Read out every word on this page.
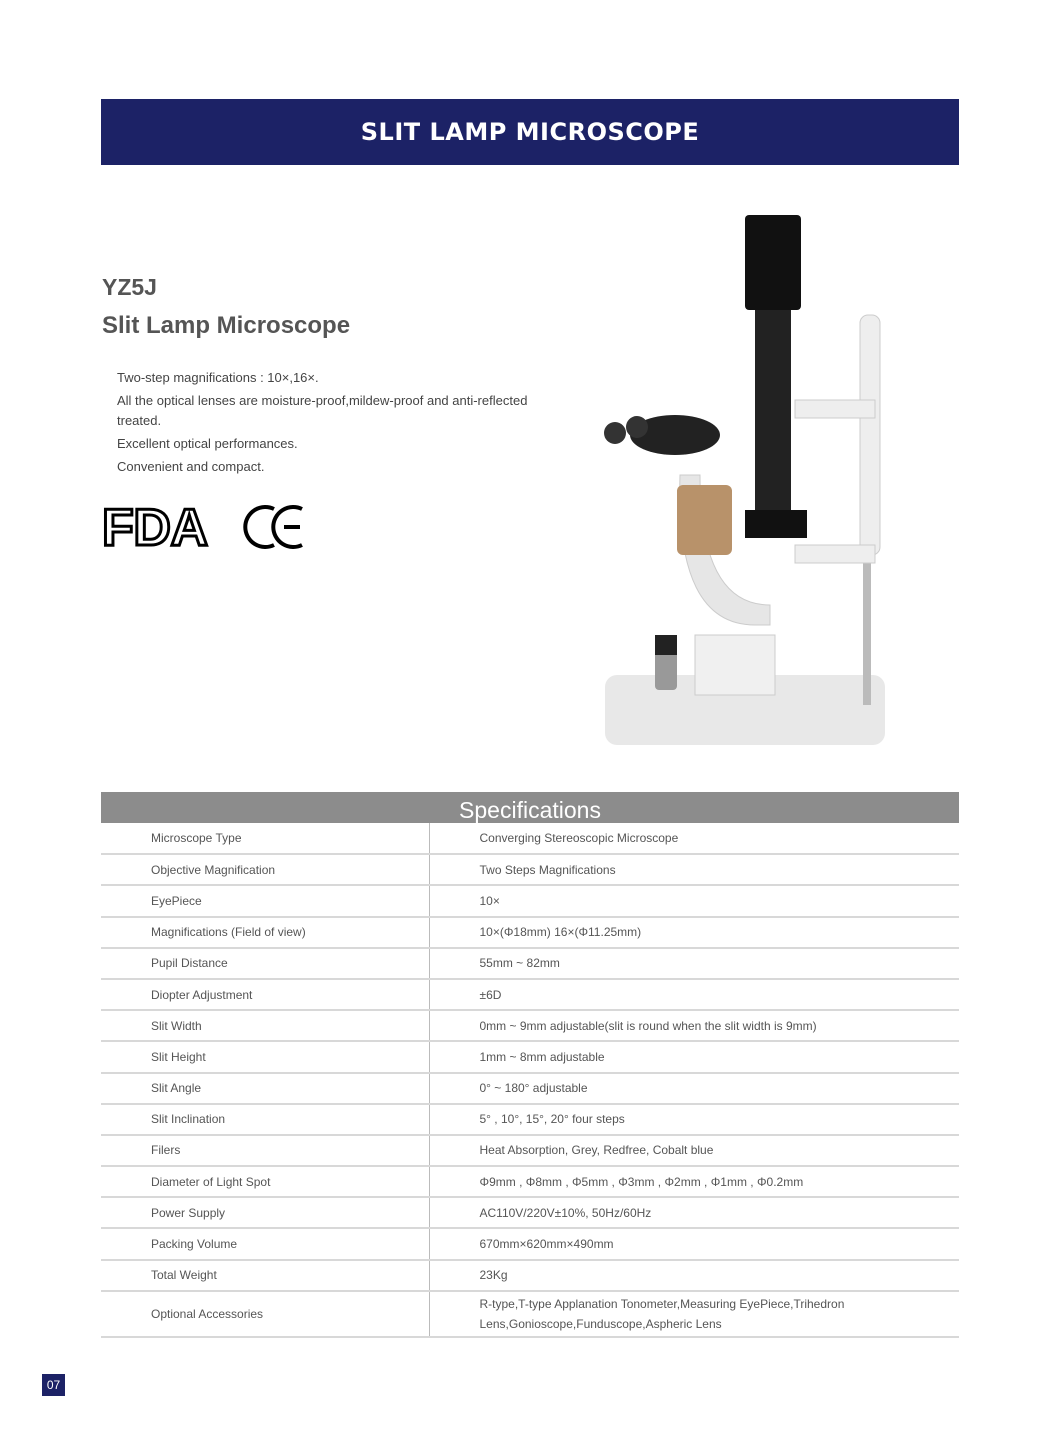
SLIT LAMP MICROSCOPE
YZ5J
Slit Lamp Microscope
Two-step magnifications : 10×,16×.
All the optical lenses are moisture-proof,mildew-proof and anti-reflected treated.
Excellent optical performances.
Convenient and compact.
FDA
Specifications
Microscope Type	Converging Stereoscopic Microscope
Objective Magnification	Two Steps Magnifications
EyePiece	10×
Magnifications (Field of view)	10×(Φ18mm) 16×(Φ11.25mm)
Pupil Distance	55mm ~ 82mm
Diopter Adjustment	±6D
Slit Width	0mm ~ 9mm adjustable(slit is round when the slit width is 9mm)
Slit Height	1mm ~ 8mm adjustable
Slit Angle	0° ~ 180° adjustable
Slit Inclination	5° , 10°, 15°, 20° four steps
Filers	Heat Absorption, Grey, Redfree, Cobalt blue
Diameter of Light Spot	Φ9mm , Φ8mm , Φ5mm , Φ3mm , Φ2mm , Φ1mm , Φ0.2mm
Power Supply	AC110V/220V±10%, 50Hz/60Hz
Packing Volume	670mm×620mm×490mm
Total Weight	23Kg
Optional Accessories	R-type,T-type Applanation Tonometer,Measuring EyePiece,Trihedron Lens,Gonioscope,Funduscope,Aspheric Lens
07
